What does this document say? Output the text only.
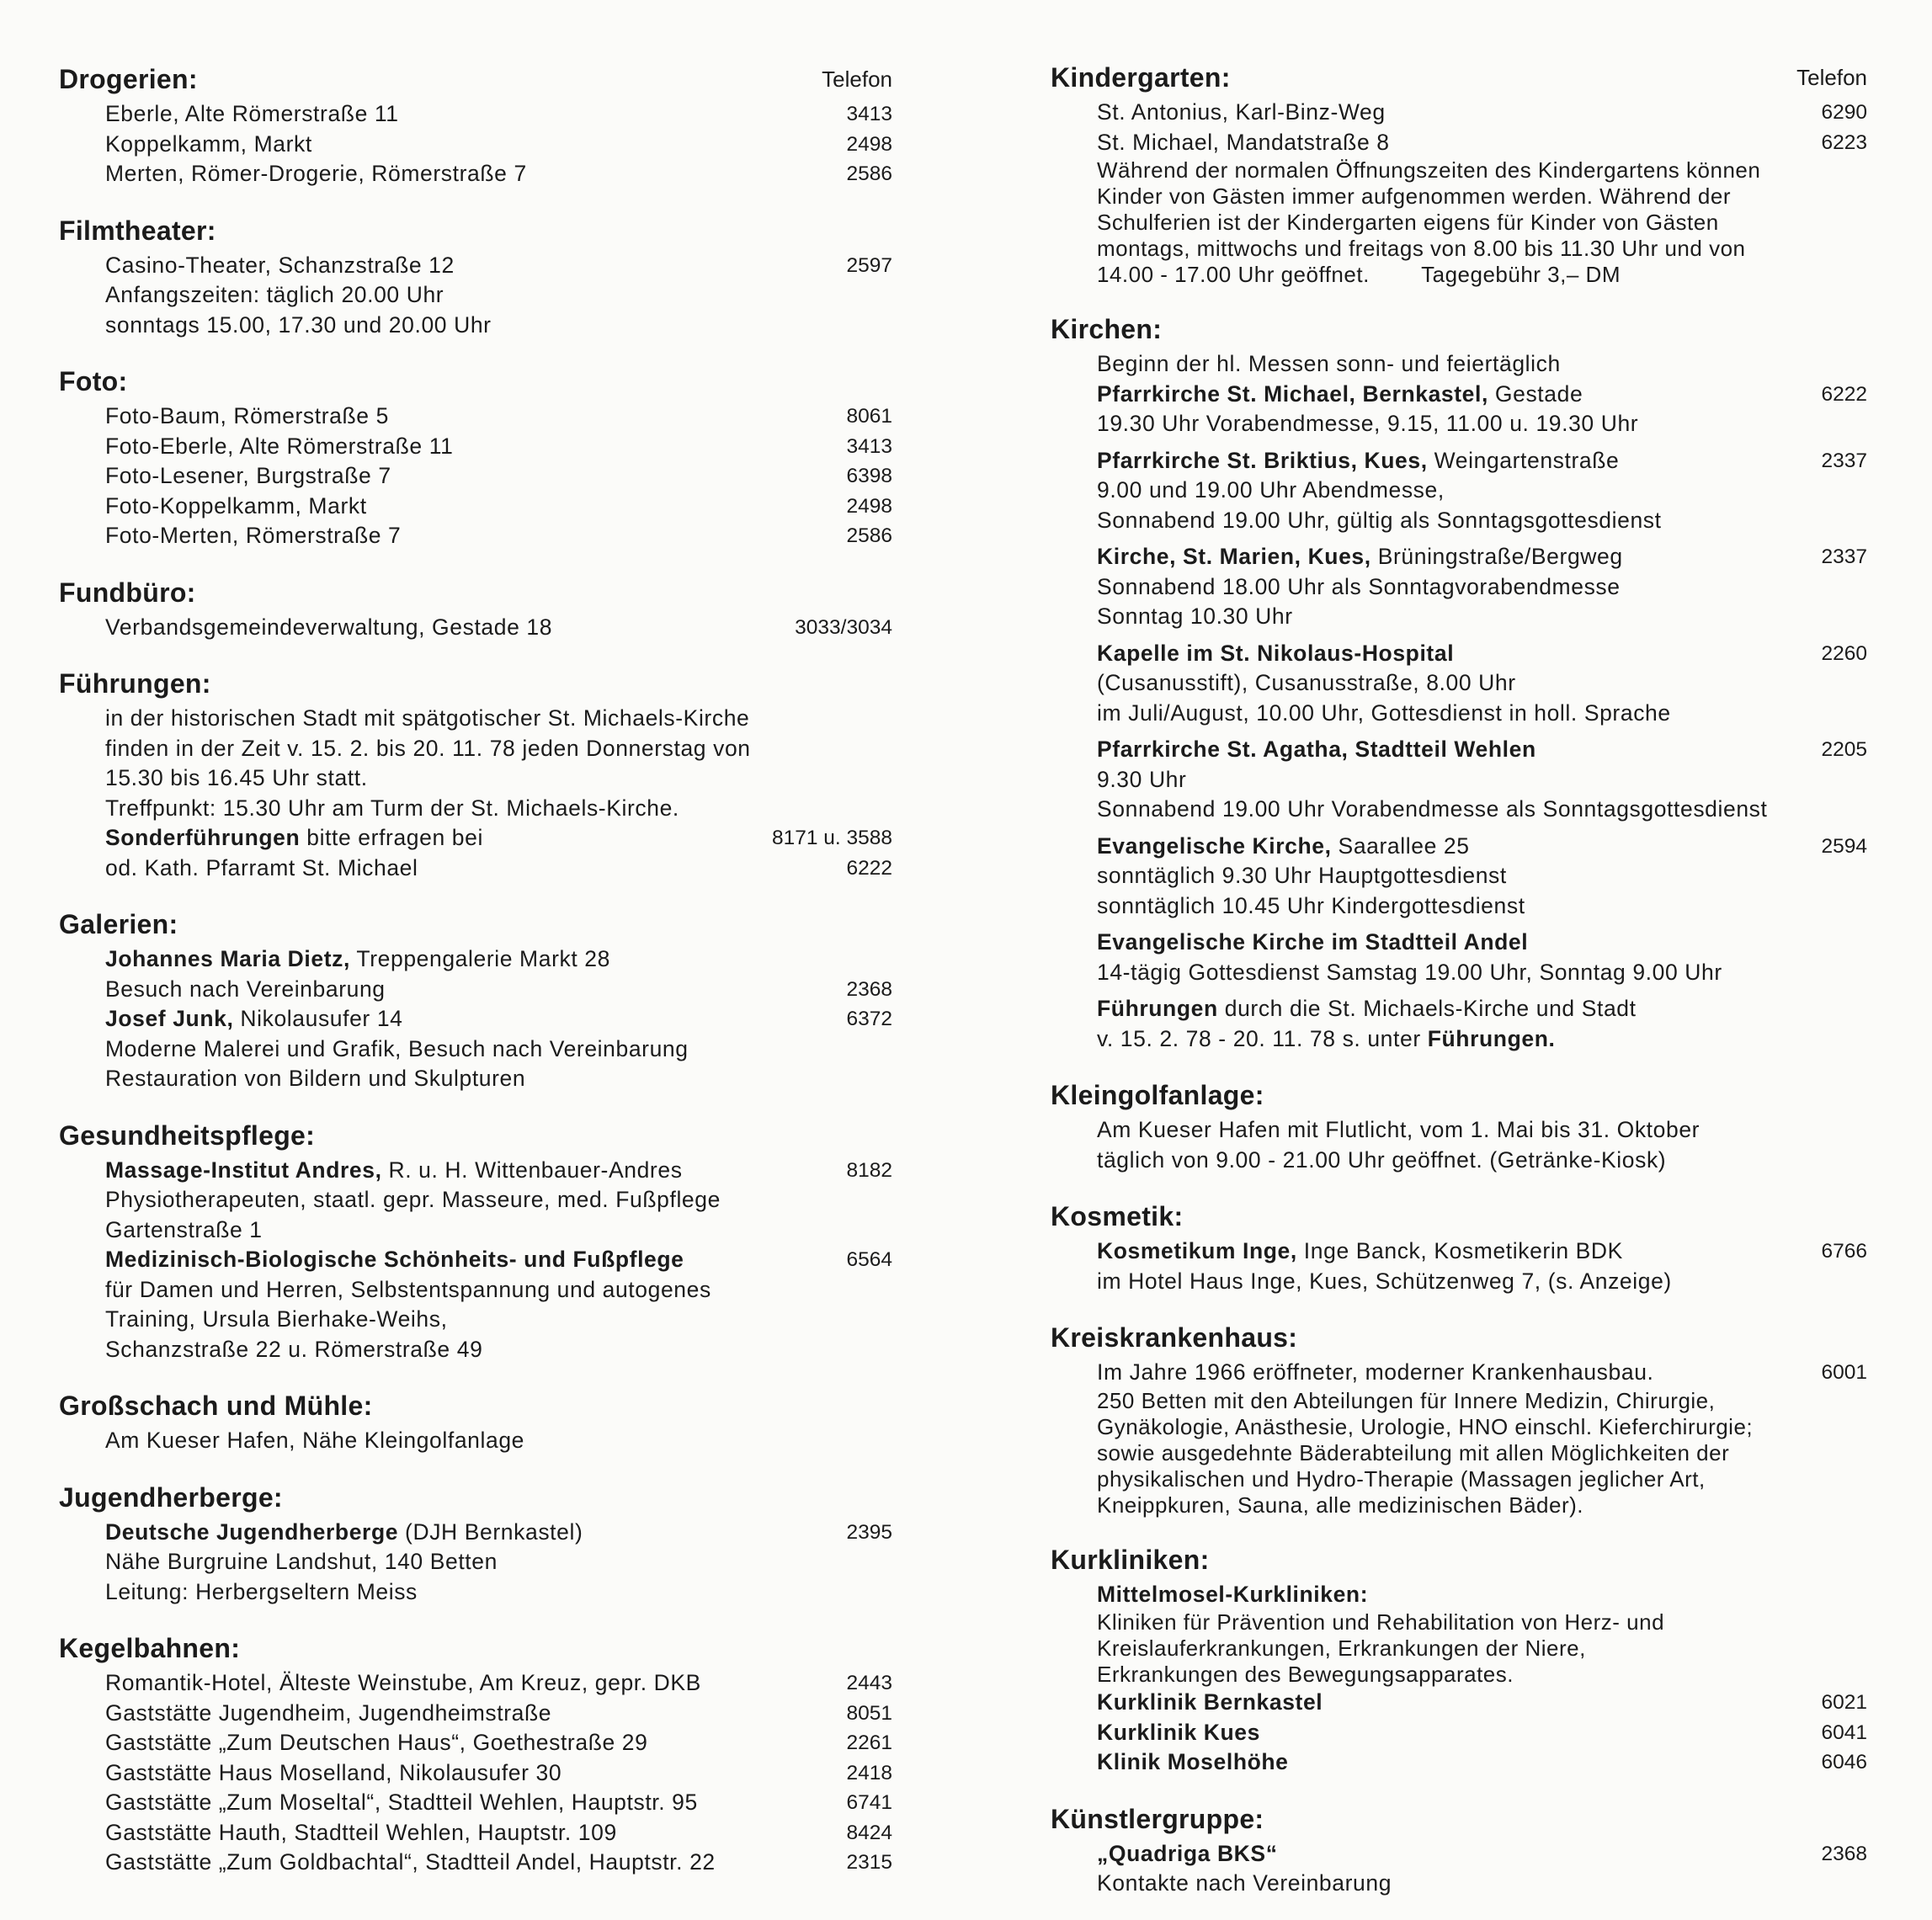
Drogerien:	Telefon
Eberle, Alte Römerstraße 11	3413
Koppelkamm, Markt	2498
Merten, Römer-Drogerie, Römerstraße 7	2586
Filmtheater:
Casino-Theater, Schanzstraße 12	2597
Anfangszeiten: täglich 20.00 Uhr
sonntags 15.00, 17.30 und 20.00 Uhr
Foto:
Foto-Baum, Römerstraße 5	8061
Foto-Eberle, Alte Römerstraße 11	3413
Foto-Lesener, Burgstraße 7	6398
Foto-Koppelkamm, Markt	2498
Foto-Merten, Römerstraße 7	2586
Fundbüro:
Verbandsgemeindeverwaltung, Gestade 18	3033/3034
Führungen:
in der historischen Stadt mit spätgotischer St. Michaels-Kirche
finden in der Zeit v. 15. 2. bis 20. 11. 78 jeden Donnerstag von
15.30 bis 16.45 Uhr statt.
Treffpunkt: 15.30 Uhr am Turm der St. Michaels-Kirche.
Sonderführungen bitte erfragen bei	8171 u. 3588
od. Kath. Pfarramt St. Michael	6222
Galerien:
Johannes Maria Dietz, Treppengalerie Markt 28
Besuch nach Vereinbarung	2368
Josef Junk, Nikolausufer 14	6372
Moderne Malerei und Grafik, Besuch nach Vereinbarung
Restauration von Bildern und Skulpturen
Gesundheitspflege:
Massage-Institut Andres, R. u. H. Wittenbauer-Andres	8182
Physiotherapeuten, staatl. gepr. Masseure, med. Fußpflege
Gartenstraße 1
Medizinisch-Biologische Schönheits- und Fußpflege	6564
für Damen und Herren, Selbstentspannung und autogenes
Training, Ursula Bierhake-Weihs,
Schanzstraße 22 u. Römerstraße 49
Großschach und Mühle:
Am Kueser Hafen, Nähe Kleingolfanlage
Jugendherberge:
Deutsche Jugendherberge (DJH Bernkastel)	2395
Nähe Burgruine Landshut, 140 Betten
Leitung: Herbergseltern Meiss
Kegelbahnen:
Romantik-Hotel, Älteste Weinstube, Am Kreuz, gepr. DKB	2443
Gaststätte Jugendheim, Jugendheimstraße	8051
Gaststätte „Zum Deutschen Haus“, Goethestraße 29	2261
Gaststätte Haus Moselland, Nikolausufer 30	2418
Gaststätte „Zum Moseltal“, Stadtteil Wehlen, Hauptstr. 95	6741
Gaststätte Hauth, Stadtteil Wehlen, Hauptstr. 109	8424
Gaststätte „Zum Goldbachtal“, Stadtteil Andel, Hauptstr. 22	2315
Kindergarten:	Telefon
St. Antonius, Karl-Binz-Weg	6290
St. Michael, Mandatstraße 8	6223
Während der normalen Öffnungszeiten des Kindergartens können
Kinder von Gästen immer aufgenommen werden. Während der
Schulferien ist der Kindergarten eigens für Kinder von Gästen
montags, mittwochs und freitags von 8.00 bis 11.30 Uhr und von
14.00 - 17.00 Uhr geöffnet.        Tagegebühr 3,– DM
Kirchen:
Beginn der hl. Messen sonn- und feiertäglich
Pfarrkirche St. Michael, Bernkastel, Gestade	6222
19.30 Uhr Vorabendmesse, 9.15, 11.00 u. 19.30 Uhr
Pfarrkirche St. Briktius, Kues, Weingartenstraße	2337
9.00 und 19.00 Uhr Abendmesse,
Sonnabend 19.00 Uhr, gültig als Sonntagsgottesdienst
Kirche, St. Marien, Kues, Brüningstraße/Bergweg	2337
Sonnabend 18.00 Uhr als Sonntagvorabendmesse
Sonntag 10.30 Uhr
Kapelle im St. Nikolaus-Hospital	2260
(Cusanusstift), Cusanusstraße, 8.00 Uhr
im Juli/August, 10.00 Uhr, Gottesdienst in holl. Sprache
Pfarrkirche St. Agatha, Stadtteil Wehlen	2205
9.30 Uhr
Sonnabend 19.00 Uhr Vorabendmesse als Sonntagsgottesdienst
Evangelische Kirche, Saarallee 25	2594
sonntäglich 9.30 Uhr Hauptgottesdienst
sonntäglich 10.45 Uhr Kindergottesdienst
Evangelische Kirche im Stadtteil Andel
14-tägig Gottesdienst Samstag 19.00 Uhr, Sonntag 9.00 Uhr
Führungen durch die St. Michaels-Kirche und Stadt
v. 15. 2. 78 - 20. 11. 78 s. unter Führungen.
Kleingolfanlage:
Am Kueser Hafen mit Flutlicht, vom 1. Mai bis 31. Oktober
täglich von 9.00 - 21.00 Uhr geöffnet. (Getränke-Kiosk)
Kosmetik:
Kosmetikum Inge, Inge Banck, Kosmetikerin BDK	6766
im Hotel Haus Inge, Kues, Schützenweg 7, (s. Anzeige)
Kreiskrankenhaus:
Im Jahre 1966 eröffneter, moderner Krankenhausbau.	6001
250 Betten mit den Abteilungen für Innere Medizin, Chirurgie,
Gynäkologie, Anästhesie, Urologie, HNO einschl. Kieferchirurgie;
sowie ausgedehnte Bäderabteilung mit allen Möglichkeiten der
physikalischen und Hydro-Therapie (Massagen jeglicher Art,
Kneippkuren, Sauna, alle medizinischen Bäder).
Kurkliniken:
Mittelmosel-Kurkliniken:
Kliniken für Prävention und Rehabilitation von Herz- und
Kreislauferkrankungen, Erkrankungen der Niere,
Erkrankungen des Bewegungsapparates.
Kurklinik Bernkastel	6021
Kurklinik Kues	6041
Klinik Moselhöhe	6046
Künstlergruppe:
„Quadriga BKS“	2368
Kontakte nach Vereinbarung
